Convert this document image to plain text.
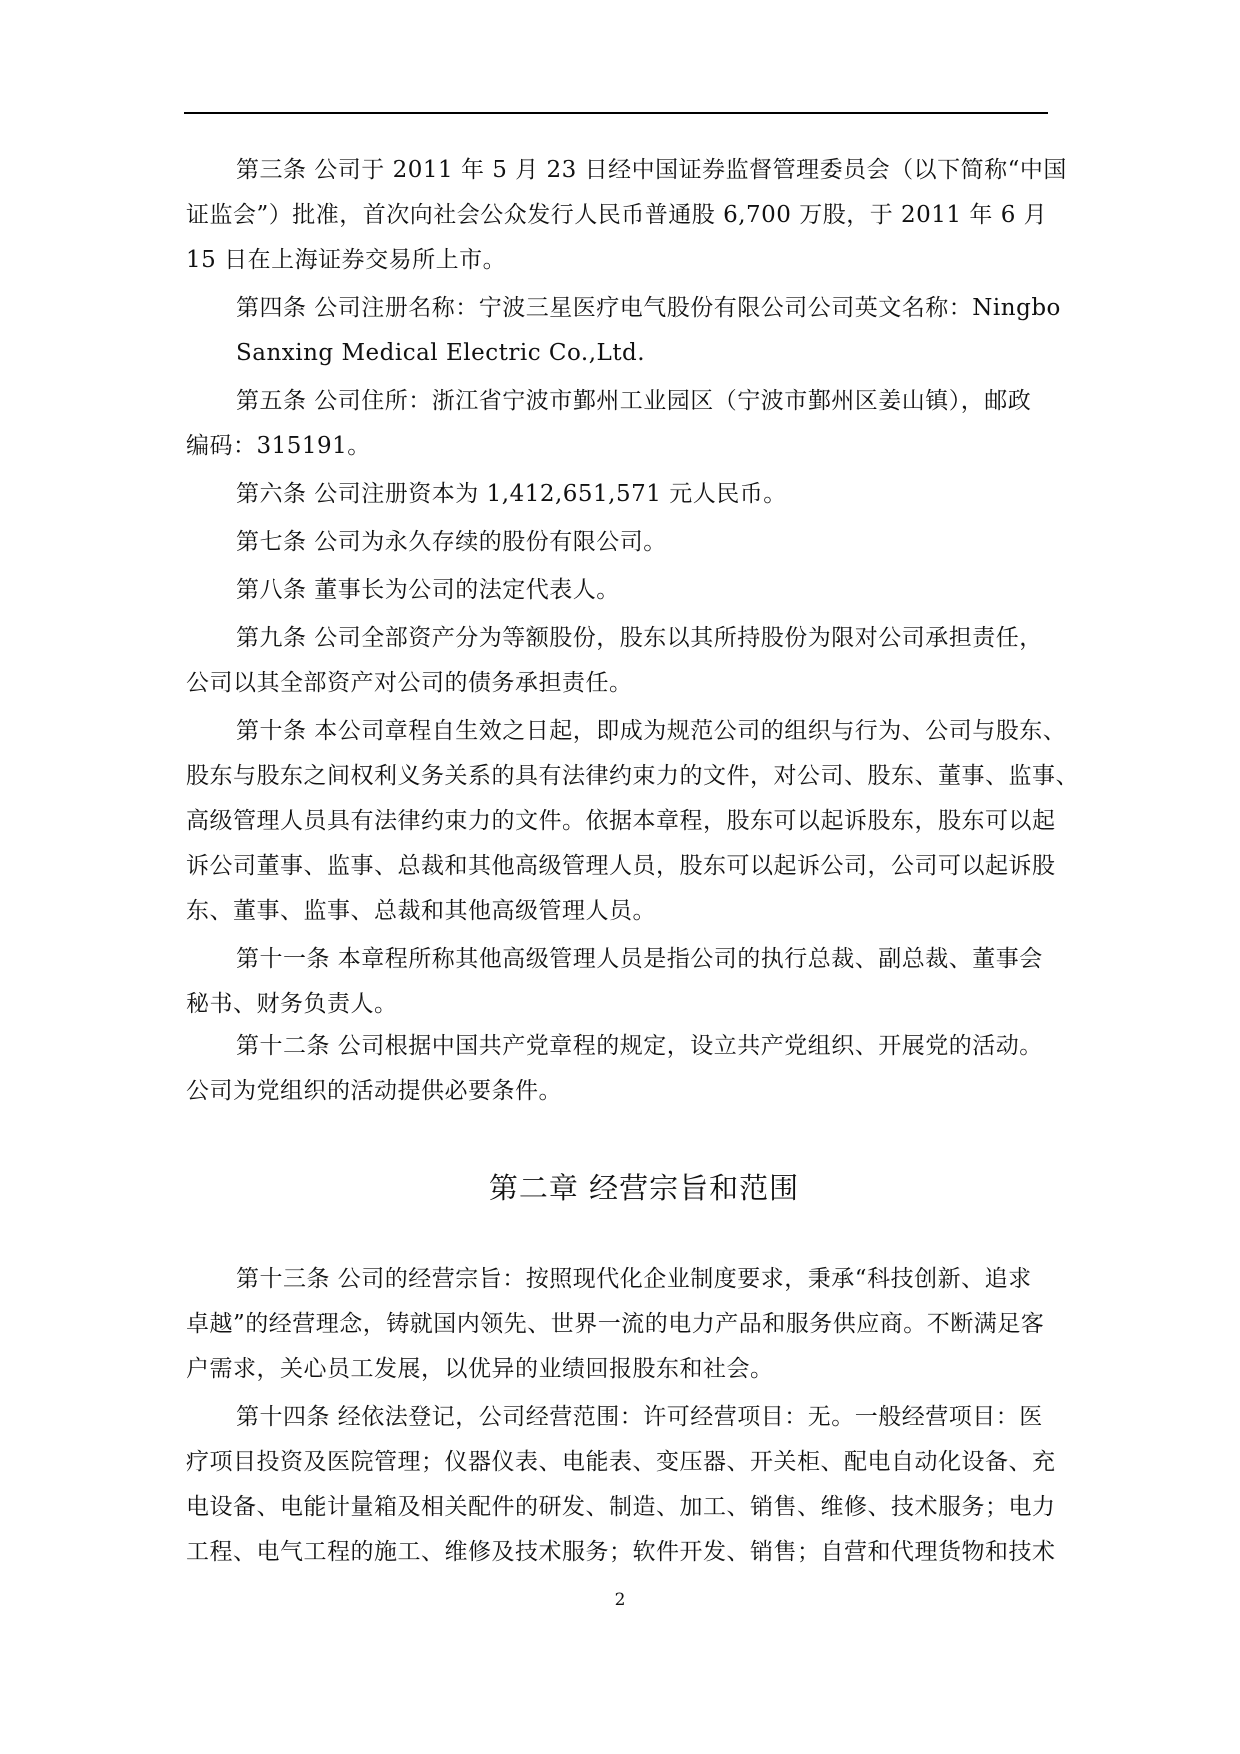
第三条 公司于 2011 年 5 月 23 日经中国证券监督管理委员会（以下简称“中国
证监会”）批准，首次向社会公众发行人民币普通股 6,700 万股，于 2011 年 6 月
15 日在上海证券交易所上市。
第四条 公司注册名称：宁波三星医疗电气股份有限公司公司英文名称：Ningbo
Sanxing Medical Electric Co.,Ltd.
第五条 公司住所：浙江省宁波市鄞州工业园区（宁波市鄞州区姜山镇），邮政
编码：315191。
第六条 公司注册资本为 1,412,651,571 元人民币。
第七条 公司为永久存续的股份有限公司。
第八条 董事长为公司的法定代表人。
第九条 公司全部资产分为等额股份，股东以其所持股份为限对公司承担责任，
公司以其全部资产对公司的债务承担责任。
第十条 本公司章程自生效之日起，即成为规范公司的组织与行为、公司与股东、
股东与股东之间权利义务关系的具有法律约束力的文件，对公司、股东、董事、监事、
高级管理人员具有法律约束力的文件。依据本章程，股东可以起诉股东，股东可以起
诉公司董事、监事、总裁和其他高级管理人员，股东可以起诉公司，公司可以起诉股
东、董事、监事、总裁和其他高级管理人员。
第十一条 本章程所称其他高级管理人员是指公司的执行总裁、副总裁、董事会
秘书、财务负责人。
第十二条 公司根据中国共产党章程的规定，设立共产党组织、开展党的活动。
公司为党组织的活动提供必要条件。
第二章 经营宗旨和范围
第十三条 公司的经营宗旨：按照现代化企业制度要求，秉承“科技创新、追求
卓越”的经营理念，铸就国内领先、世界一流的电力产品和服务供应商。不断满足客
户需求，关心员工发展，以优异的业绩回报股东和社会。
第十四条 经依法登记，公司经营范围：许可经营项目：无。一般经营项目：医
疗项目投资及医院管理；仪器仪表、电能表、变压器、开关柜、配电自动化设备、充
电设备、电能计量箱及相关配件的研发、制造、加工、销售、维修、技术服务；电力
工程、电气工程的施工、维修及技术服务；软件开发、销售；自营和代理货物和技术
2
